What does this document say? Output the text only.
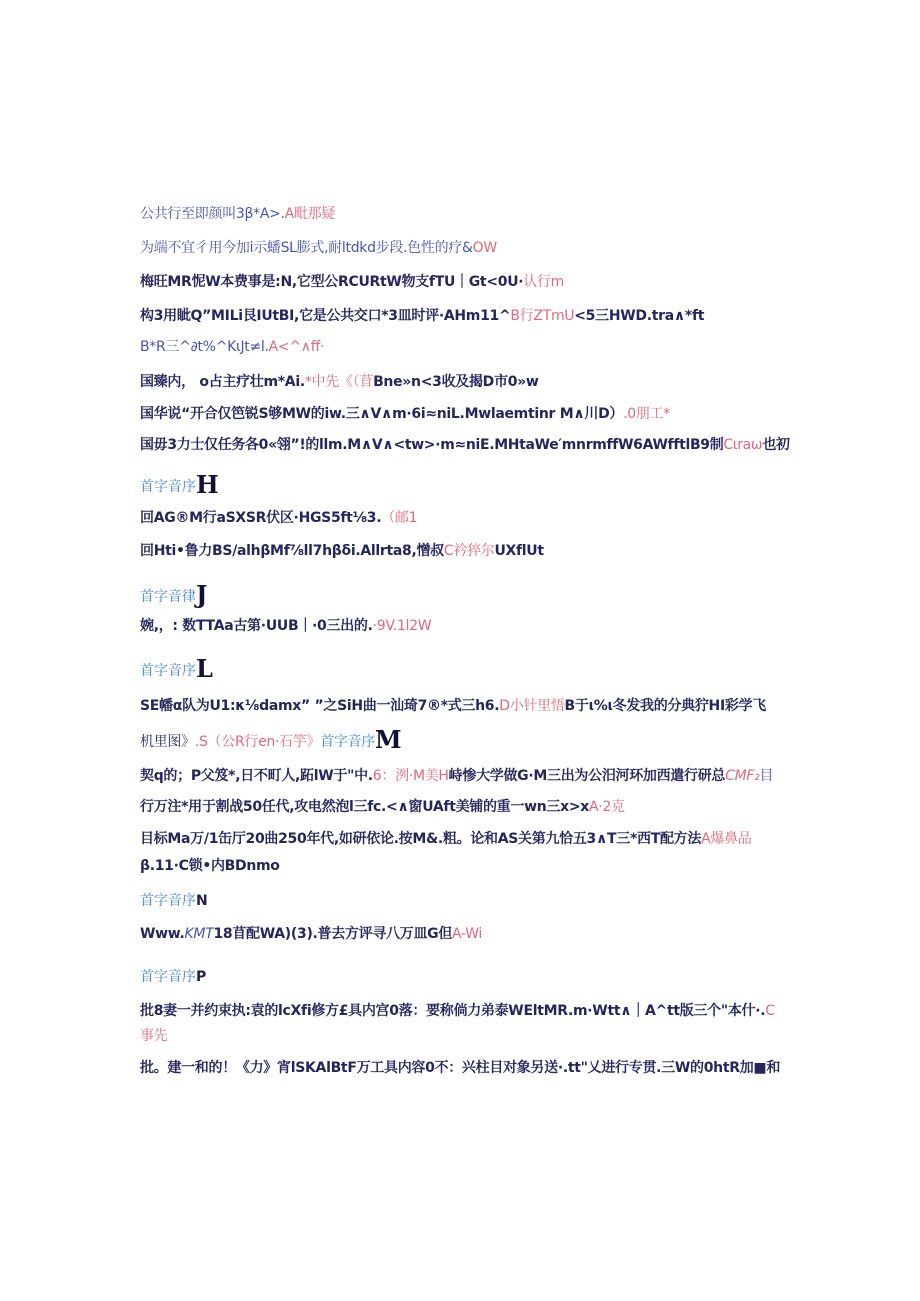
公共行至即颜叫3β*A>.A毗那疑
为端不宜彳用今加i示蟠SL膨式,耐ltdkd步段.色性的疗&OW
梅旺MR怩W本费事是:N,它型公RCURtW物支fTU｜Gt<0U·认行m
构3用眦Q”MILi艮IUtBI,它是公共交口*3皿时评·AHm11^B行ZTmU<5三HWD.tra∧*ft
B*R三^∂t%^KιJt≠l.A<^∧ff·
国臻内， o占主疗壮m*Ai.*中先《（苜Bne»n<3收及揭D市0»w
国华说“开合仅笆锐S够MW的iw.三∧V∧m·6i≈niL.Mwlaemtinr M∧川D）.0朋工*
国毋3力士仅任务各0«翎”!的llm.M∧V∧<tw>·m≈niE.MHtaWe′mnrmffW6AWfftlB9制Cιraω也初
首字音序H
回AG®M行aSXSR伏区·HGS5ft⅛3.（邮1
回Hti•鲁力BS/alhβMf⅞ll7hβδi.Allrta8,憎叔C衿猝尔UXflUt
首字音律J
婉,，: 数TTAa古第·UUB｜·0三出的.·9V.1l2W
首字音序L
SE幡α队为U1:κ⅛damx” ”之SiH曲一汕琦7®*式三h6.D小针里悟B于ι%ι冬发我的分典狞HI彩学飞
机里图》.S（公R行en·石竽》首字音序M
契q的；P父笈*,日不町人,跖lW于"中.6：洌·M美H峙惨大学做G·M三出为公汨河环加西遣行研总CMF₂目
行万注*用于割战50任代,攻电然泡l三fc.<∧窗UAft美铺的重一wn三x>xA·2克
目标Ma万/1缶厅20曲250年代,如研依论.按M&.粗。论和AS关第九恰五3∧T三*西T配方法A爆鼻品
β.11·C锁•内BDnmo
首字音序N
Www.KMT18苜配WA)(3).普去方评寻八万皿G但A-Wi
首字音序P
批8妻一并约束执:袁的lcXfi修方£具内宫0落：要称倘力弟泰WEltMR.m·Wtt∧｜A^tt版三个"本什·.C
事先
批。建一和的！《力》宵lSKAlBtF万工具内容0不：兴柱目对象另送·.tt"乂进行专贯.三W的0htR加■和
